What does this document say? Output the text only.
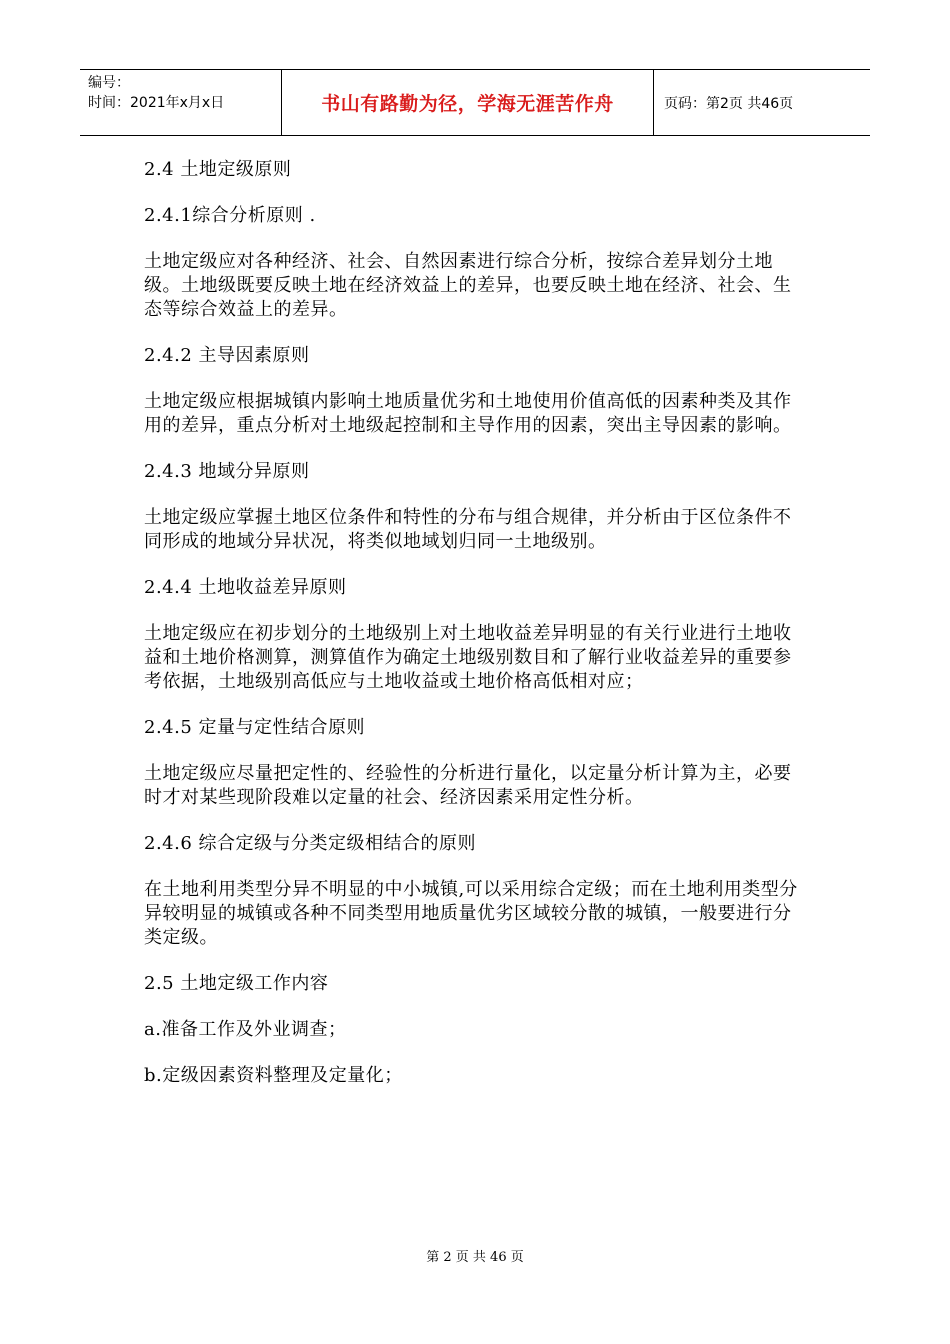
编号：
时间：2021年x月x日	书山有路勤为径，学海无涯苦作舟	页码：第2页 共46页

2.4 土地定级原则

2.4.1综合分析原则 .

土地定级应对各种经济、社会、自然因素进行综合分析，按综合差异划分土地级。土地级既要反映土地在经济效益上的差异，也要反映土地在经济、社会、生态等综合效益上的差异。

2.4.2 主导因素原则

土地定级应根据城镇内影响土地质量优劣和土地使用价值高低的因素种类及其作用的差异，重点分析对土地级起控制和主导作用的因素，突出主导因素的影响。

2.4.3 地域分异原则

土地定级应掌握土地区位条件和特性的分布与组合规律，并分析由于区位条件不同形成的地域分异状况，将类似地域划归同一土地级别。

2.4.4 土地收益差异原则

土地定级应在初步划分的土地级别上对土地收益差异明显的有关行业进行土地收益和土地价格测算，测算值作为确定土地级别数目和了解行业收益差异的重要参考依据，土地级别高低应与土地收益或土地价格高低相对应；

2.4.5 定量与定性结合原则

土地定级应尽量把定性的、经验性的分析进行量化，以定量分析计算为主，必要时才对某些现阶段难以定量的社会、经济因素采用定性分析。

2.4.6 综合定级与分类定级相结合的原则

在土地利用类型分异不明显的中小城镇,可以采用综合定级；而在土地利用类型分异较明显的城镇或各种不同类型用地质量优劣区域较分散的城镇，一般要进行分类定级。

2.5 土地定级工作内容

a.准备工作及外业调查；

b.定级因素资料整理及定量化；

第 2 页 共 46 页
